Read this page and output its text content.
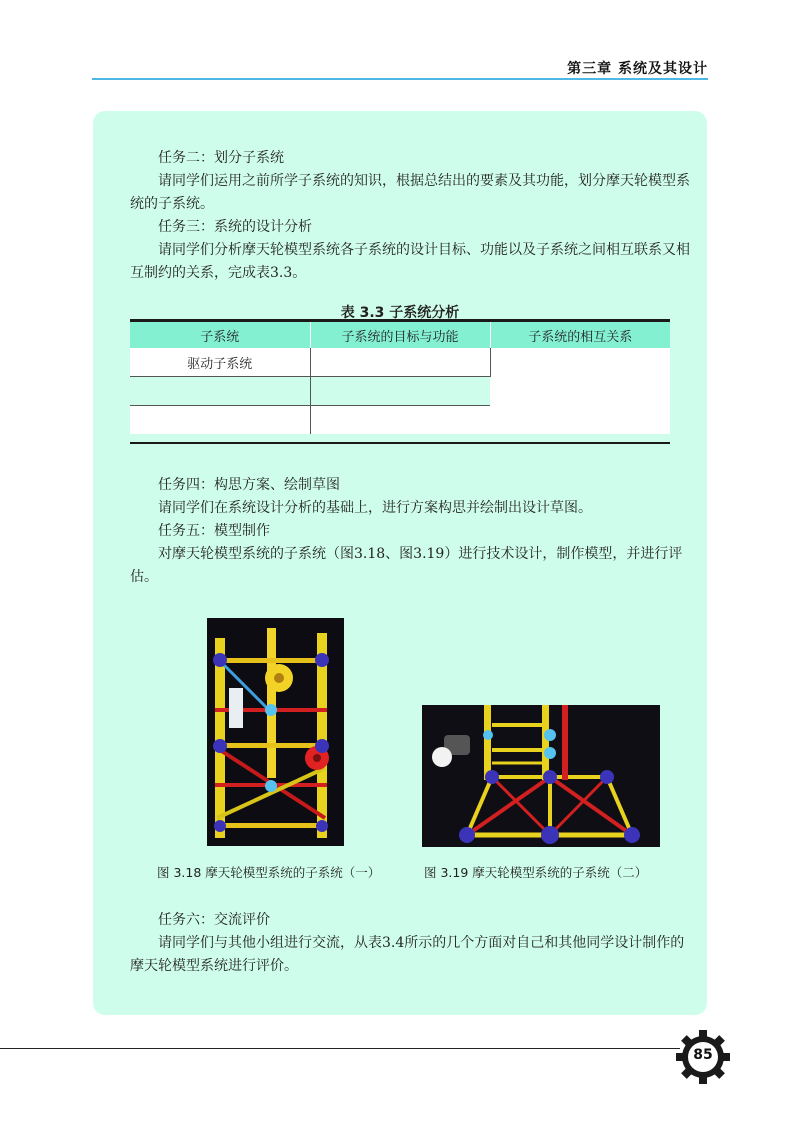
第三章 系统及其设计

任务二：划分子系统

请同学们运用之前所学子系统的知识，根据总结出的要素及其功能，划分摩天轮模型系统的子系统。

任务三：系统的设计分析

请同学们分析摩天轮模型系统各子系统的设计目标、功能以及子系统之间相互联系又相互制约的关系，完成表3.3。

表 3.3 子系统分析
子系统	子系统的目标与功能	子系统的相互关系
驱动子系统		

任务四：构思方案、绘制草图

请同学们在系统设计分析的基础上，进行方案构思并绘制出设计草图。

任务五：模型制作

对摩天轮模型系统的子系统（图3.18、图3.19）进行技术设计，制作模型，并进行评估。

图 3.18 摩天轮模型系统的子系统（一）	图 3.19 摩天轮模型系统的子系统（二）

任务六：交流评价

请同学们与其他小组进行交流，从表3.4所示的几个方面对自己和其他同学设计制作的摩天轮模型系统进行评价。

85
